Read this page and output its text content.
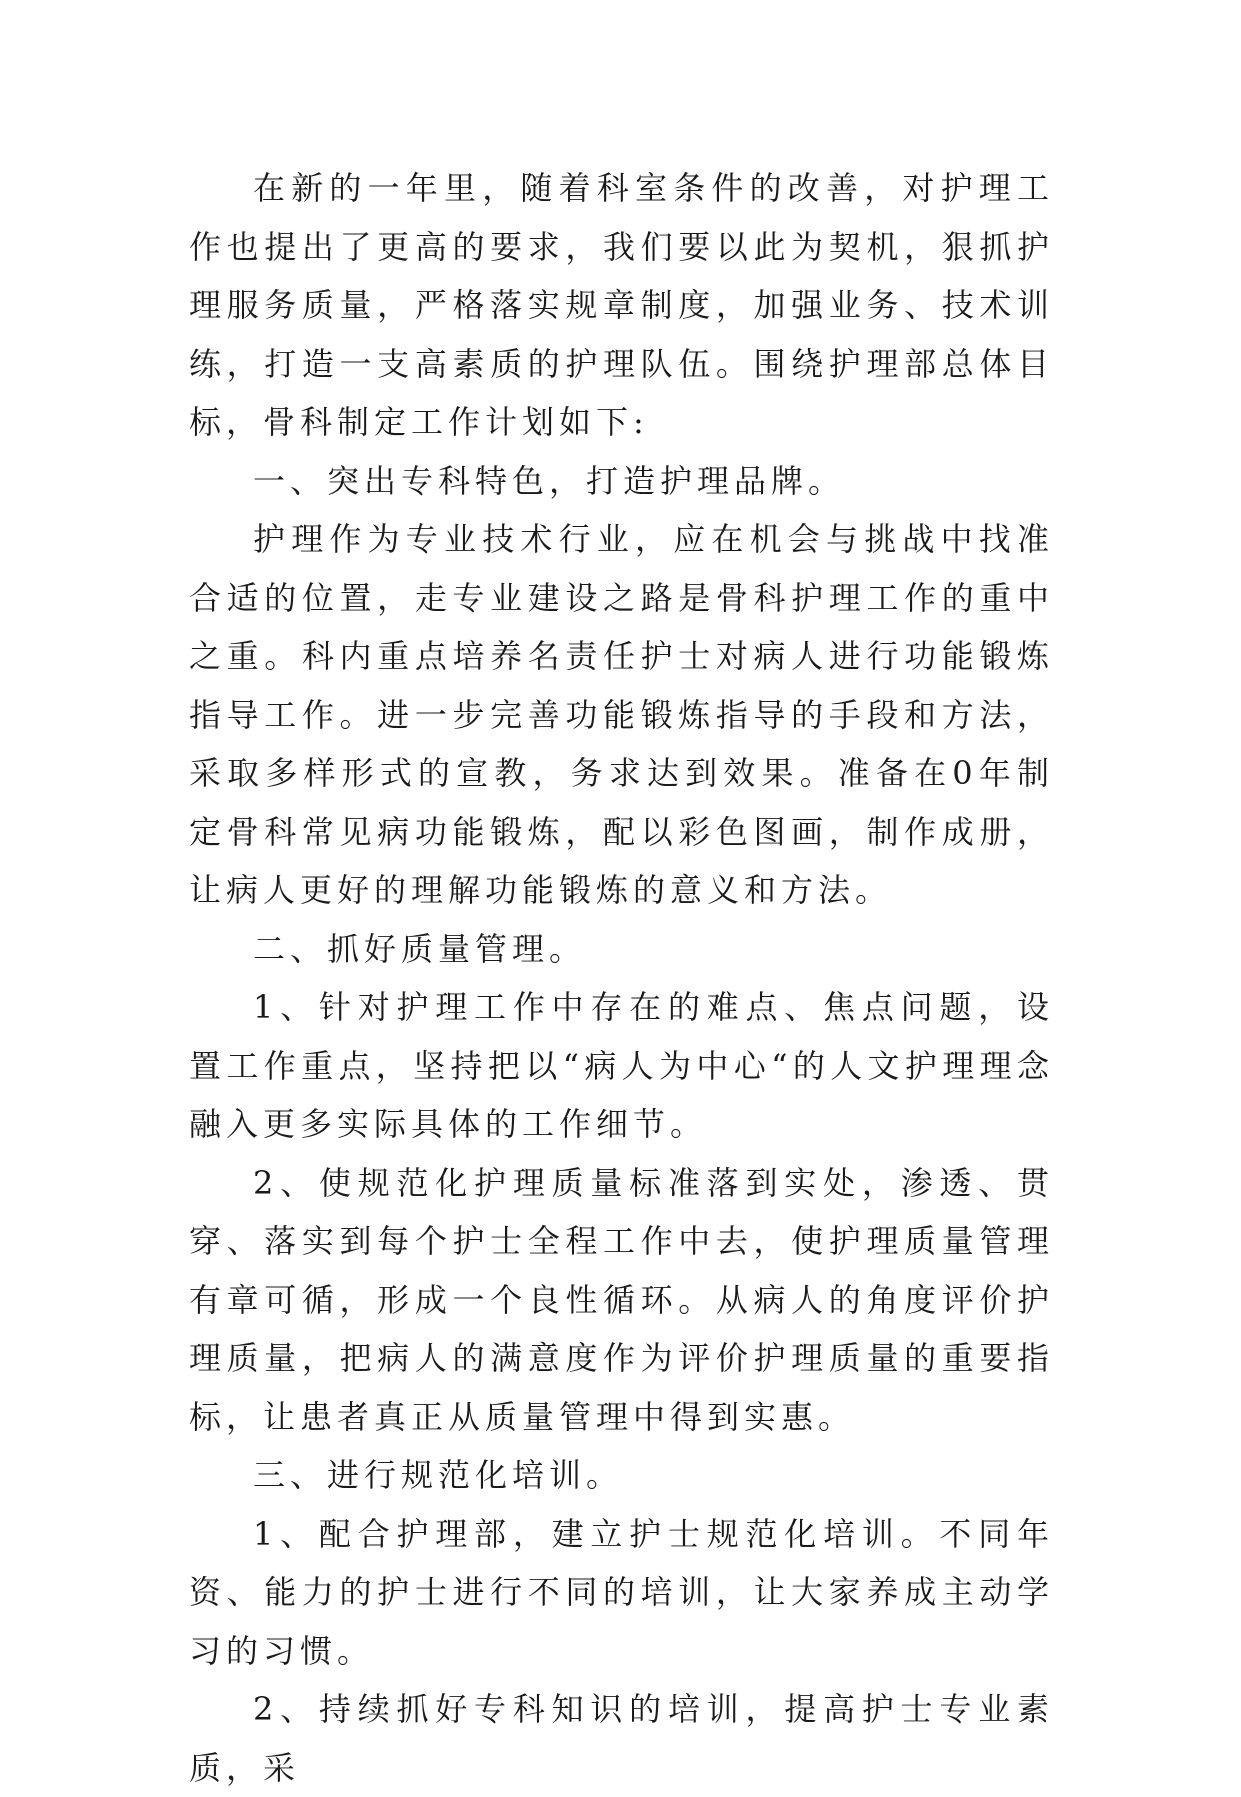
在新的一年里，随着科室条件的改善，对护理工作也提出了更高的要求，我们要以此为契机，狠抓护理服务质量，严格落实规章制度，加强业务、技术训练，打造一支高素质的护理队伍。围绕护理部总体目标，骨科制定工作计划如下:

一、突出专科特色，打造护理品牌。

护理作为专业技术行业，应在机会与挑战中找准合适的位置，走专业建设之路是骨科护理工作的重中之重。科内重点培养名责任护士对病人进行功能锻炼指导工作。进一步完善功能锻炼指导的手段和方法，采取多样形式的宣教，务求达到效果。准备在0年制定骨科常见病功能锻炼，配以彩色图画，制作成册，让病人更好的理解功能锻炼的意义和方法。

二、抓好质量管理。

1、针对护理工作中存在的难点、焦点问题，设置工作重点，坚持把以“病人为中心“的人文护理理念融入更多实际具体的工作细节。

2、使规范化护理质量标准落到实处，渗透、贯穿、落实到每个护士全程工作中去，使护理质量管理有章可循，形成一个良性循环。从病人的角度评价护理质量，把病人的满意度作为评价护理质量的重要指标，让患者真正从质量管理中得到实惠。

三、进行规范化培训。

1、配合护理部，建立护士规范化培训。不同年资、能力的护士进行不同的培训，让大家养成主动学习的习惯。

2、持续抓好专科知识的培训，提高护士专业素质，采
